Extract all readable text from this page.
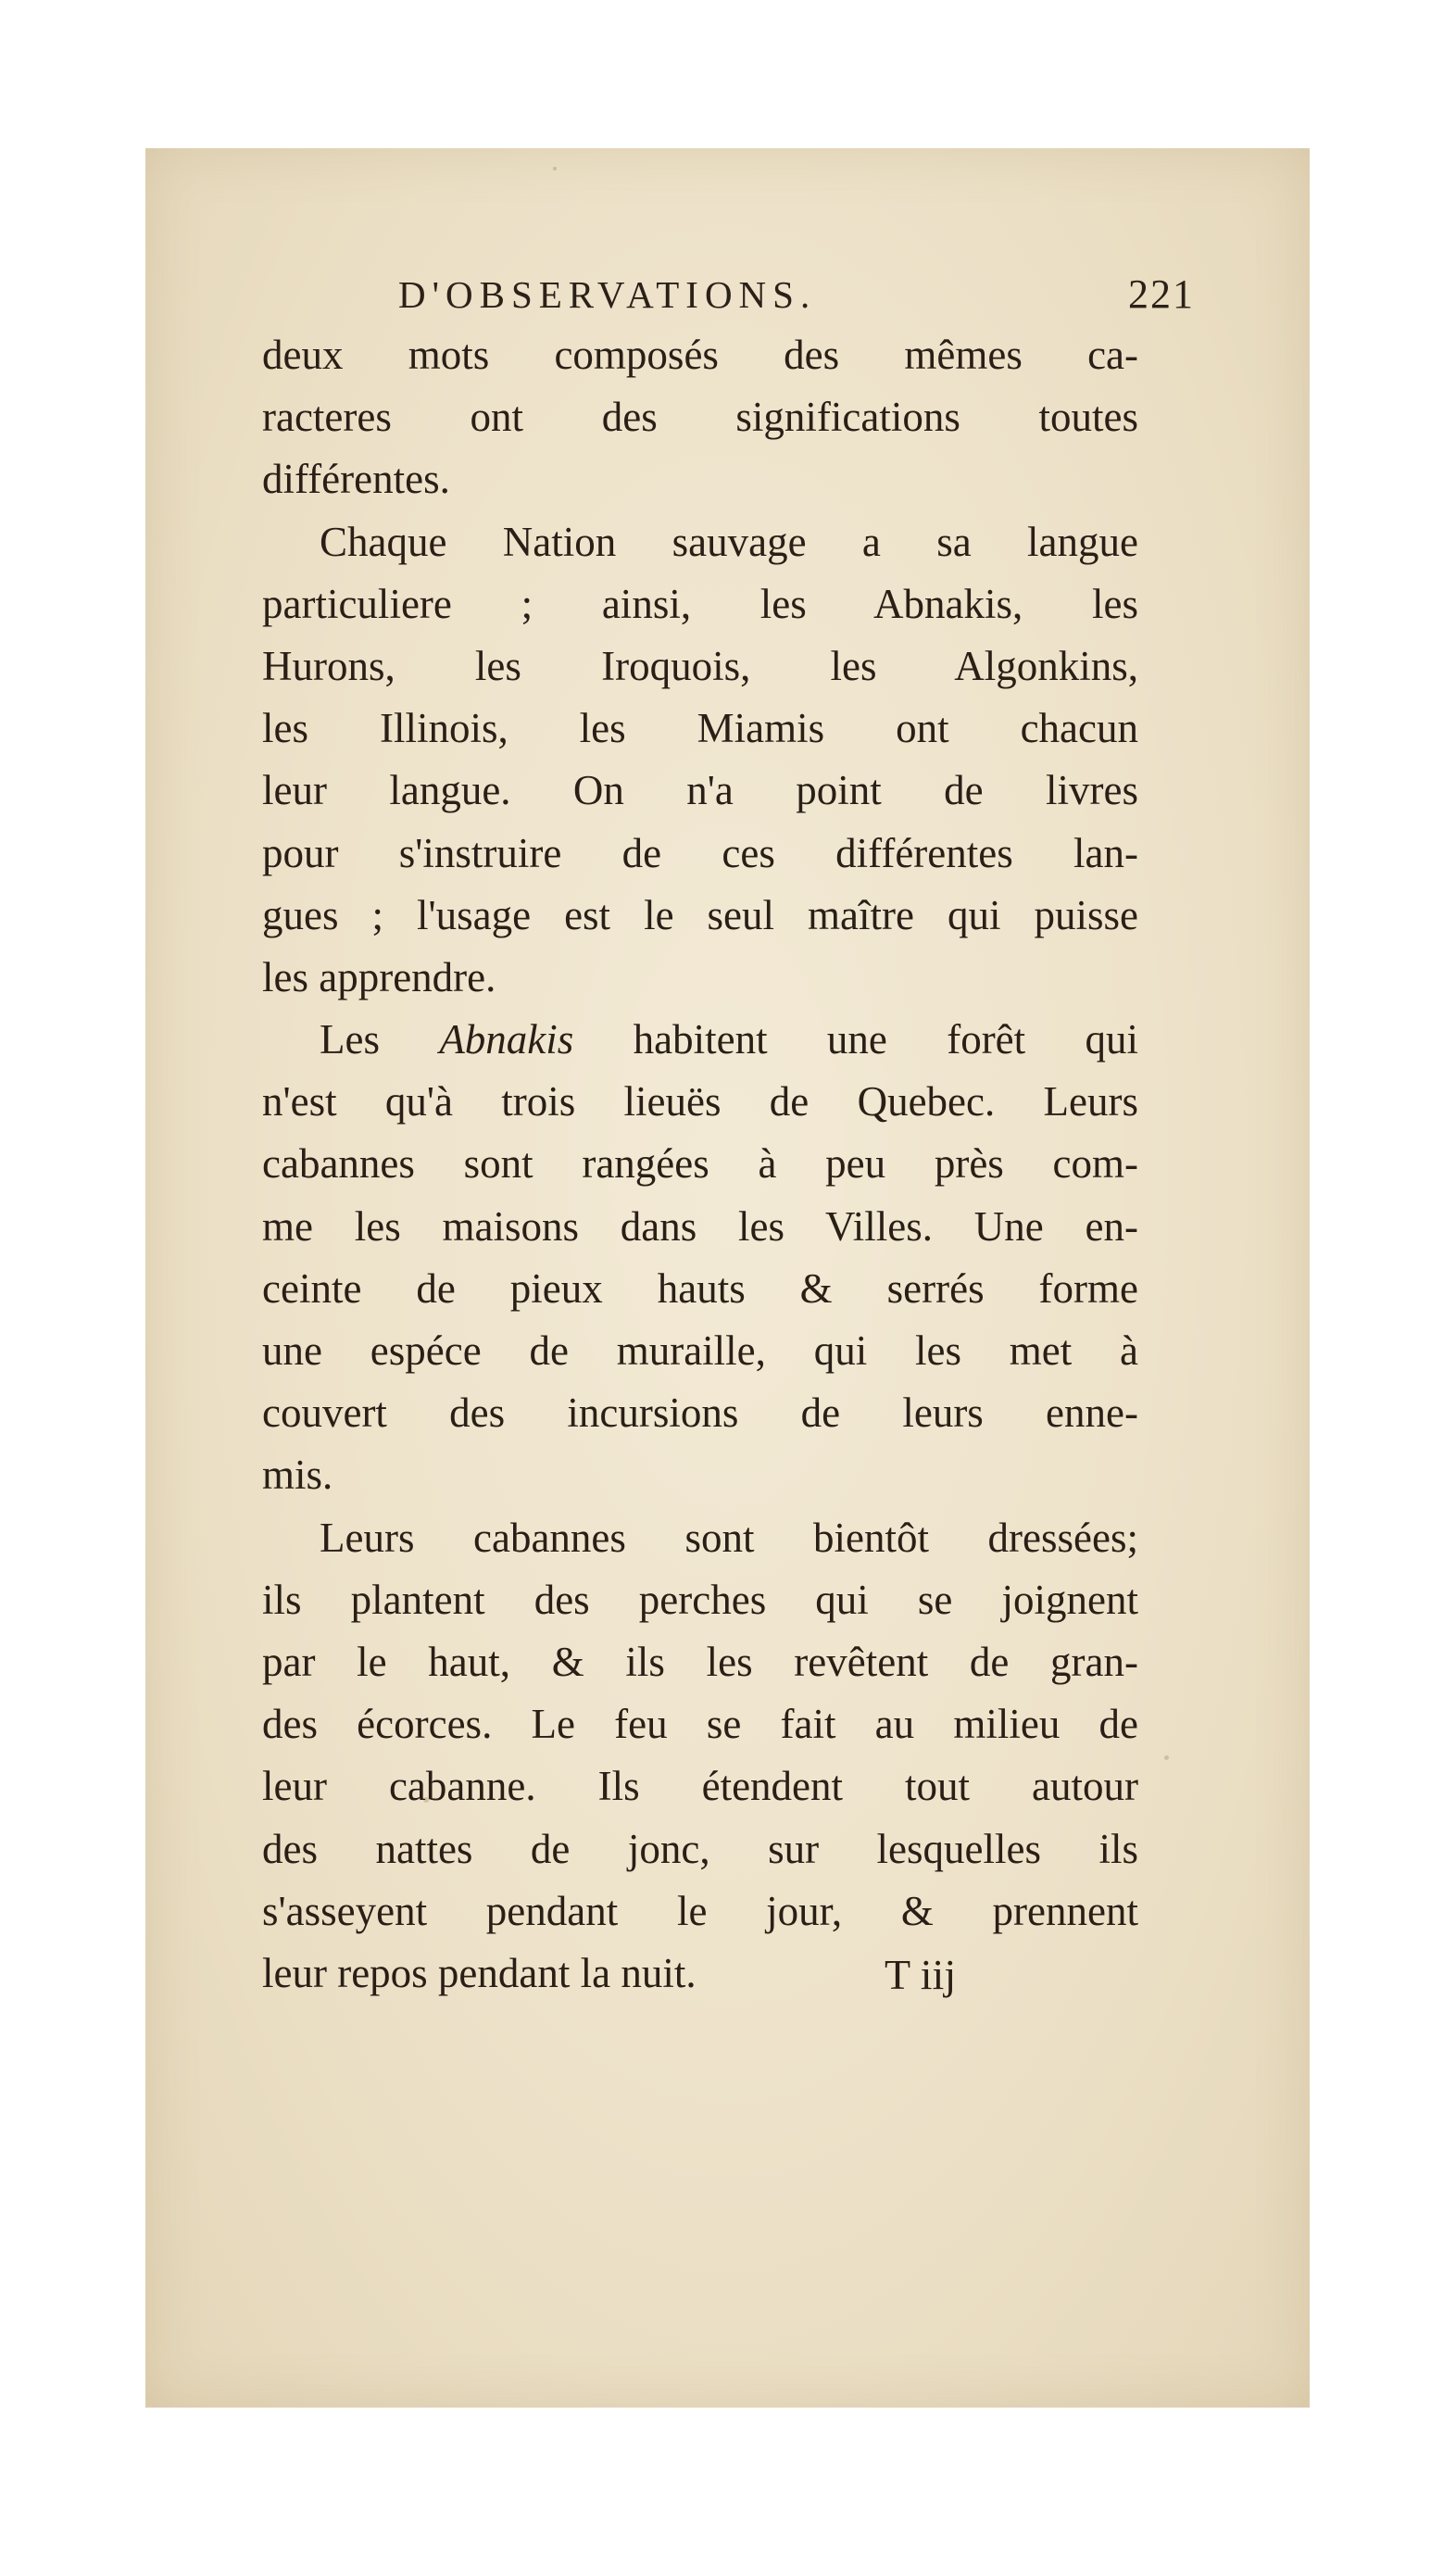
D'OBSERVATIONS.	221
deux mots composés des mêmes ca-
racteres ont des significations toutes
différentes.
Chaque Nation sauvage a sa langue
particuliere ; ainsi, les Abnakis, les
Hurons, les Iroquois, les Algonkins,
les Illinois, les Miamis ont chacun
leur langue. On n'a point de livres
pour s'instruire de ces différentes lan-
gues ; l'usage est le seul maître qui puisse
les apprendre.
Les Abnakis habitent une forêt qui
n'est qu'à trois lieuës de Quebec. Leurs
cabannes sont rangées à peu près com-
me les maisons dans les Villes. Une en-
ceinte de pieux hauts & serrés forme
une espéce de muraille, qui les met à
couvert des incursions de leurs enne-
mis.
Leurs cabannes sont bientôt dressées;
ils plantent des perches qui se joignent
par le haut, & ils les revêtent de gran-
des écorces. Le feu se fait au milieu de
leur cabanne. Ils étendent tout autour
des nattes de jonc, sur lesquelles ils
s'asseyent pendant le jour, & prennent
leur repos pendant la nuit.	T iij
